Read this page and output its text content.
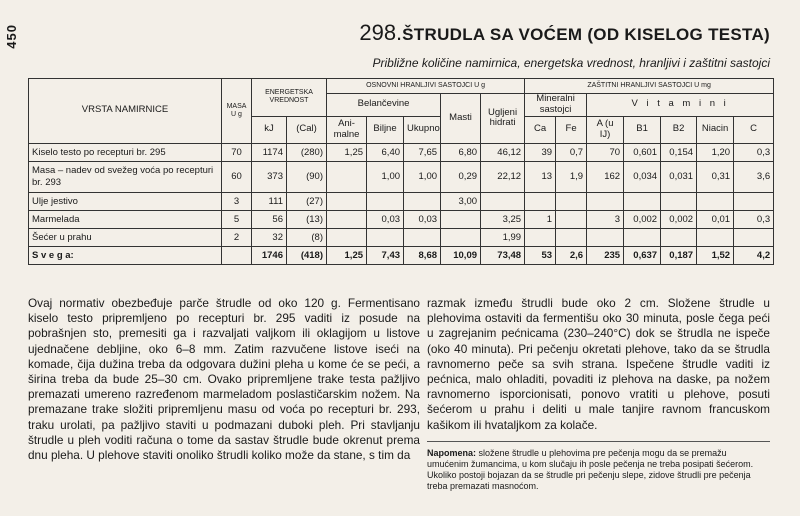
450	298.ŠTRUDLA SA VOĆEM (OD KISELOG TESTA)
Približne količine namirnica, energetska vrednost, hranljivi i zaštitni sastojci
VRSTA NAMIRNICE	MASA U g	ENERGETSKA VREDNOST		OSNOVNI HRANLJIVI SASTOJCI U g					ZAŠTITNI HRANLJIVI SASTOJCI U mg						
				Belančevine			Masti	Ugljeni hidrati	Mineralni sastojci		V i t a m i n i				
		kJ	(Cal)	Ani- malne	Biljne	Ukupno			Ca	Fe	A (u IJ)	B1	B2	Niacin	C
Kiselo testo po recepturi br. 295	70	1174	(280)	1,25	6,40	7,65	6,80	46,12	39	0,7	70	0,601	0,154	1,20	0,3
Masa – nadev od svežeg voća po recepturi br. 293	60	373	(90)		1,00	1,00	0,29	22,12	13	1,9	162	0,034	0,031	0,31	3,6
Ulje jestivo	3	111	(27)				3,00								
Marmelada	5	56	(13)		0,03	0,03		3,25	1		3	0,002	0,002	0,01	0,3
Šećer u prahu	2	32	(8)					1,99							
S v e g a:		1746	(418)	1,25	7,43	8,68	10,09	73,48	53	2,6	235	0,637	0,187	1,52	4,2

Ovaj normativ obezbeđuje parče štrudle od oko 120 g. Fermentisano kiselo testo pripremljeno po recepturi br. 295 vaditi iz posude na pobrašnjen sto, premesiti ga i razvaljati valjkom ili oklagijom u listove ujednačene debljine, oko 6–8 mm. Zatim razvučene listove iseći na komade, čija dužina treba da odgovara dužini pleha u kome će se peći, a širina treba da bude 25–30 cm. Ovako pripremljene trake testa pažljivo premazati umereno razređenom marmeladom poslastičarskim nožem. Na premazane trake složiti pripremljenu masu od voća po recepturi br. 293, traku urolati, pa pažljivo staviti u podmazani duboki pleh. Pri stavljanju štrudle u pleh voditi računa o tome da sastav štrudle bude okrenut prema dnu pleha. U plehove staviti onoliko štrudli koliko može da stane, s tim da

razmak između štrudli bude oko 2 cm. Složene štrudle u plehovima ostaviti da fermentišu oko 30 minuta, posle čega peći u zagrejanim pećnicama (230–240°C) dok se štrudla ne ispeče (oko 40 minuta). Pri pečenju okretati plehove, tako da se štrudla ravnomerno peče sa svih strana. Ispečene štrudle vaditi iz pećnica, malo ohladiti, povaditi iz plehova na daske, pa nožem ravnomerno isporcionisati, ponovo vratiti u plehove, posuti šećerom u prahu i deliti u male tanjire ravnom francuskom kašikom ili hvataljkom za kolače.

Napomena: složene štrudle u plehovima pre pečenja mogu da se premažu umućenim žumancima, u kom slučaju ih posle pečenja ne treba posipati šećerom.
Ukoliko postoji bojazan da se štrudle pri pečenju slepe, zidove štrudli pre pečenja treba premazati masnoćom.
